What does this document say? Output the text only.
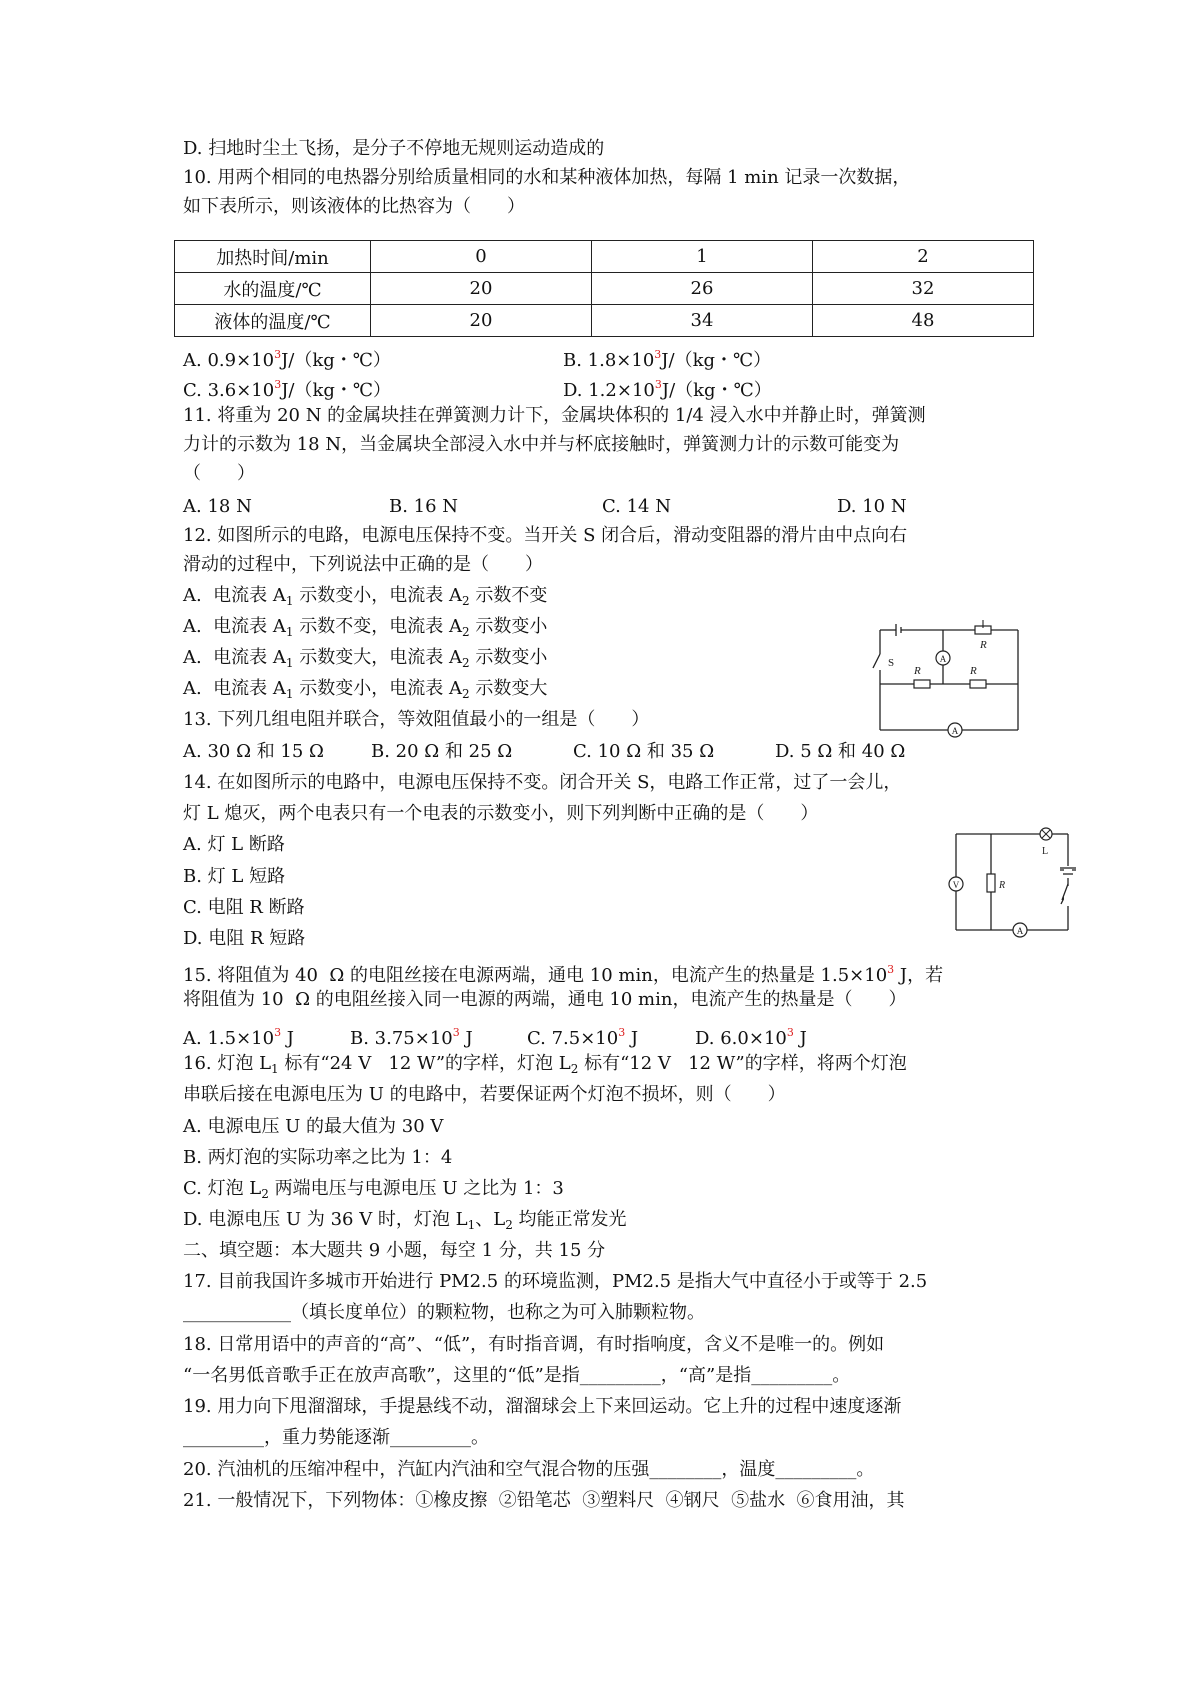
D. 扫地时尘土飞扬，是分子不停地无规则运动造成的
10. 用两个相同的电热器分别给质量相同的水和某种液体加热，每隔 1 min 记录一次数据，
如下表所示，则该液体的比热容为（　　）
加热时间/min	0	1	2
水的温度/℃	20	26	32
液体的温度/℃	20	34	48
A. $0.9\times 10^3J/(kg$・℃）	B. $1.8\times 10^3J/(kg$・℃）
C. $3.6\times 10^3J/(kg$・℃）	D. $1.2\times 10^3J/(kg$・℃）
11. 将重为 20 N 的金属块挂在弹簧测力计下，金属块体积的 1/4 浸入水中并静止时，弹簧测
力计的示数为 18 N，当金属块全部浸入水中并与杯底接触时，弹簧测力计的示数可能变为
（　　）
A. 18 N	B. 16 N	C. 14 N	D. 10 N
12. 如图所示的电路，电源电压保持不变。当开关 S 闭合后，滑动变阻器的滑片由中点向右
滑动的过程中，下列说法中正确的是（　　）
A.  电流表 $A_1$ 示数变小，电流表 $A_2$ 示数不变
A.  电流表 $A_1$ 示数不变，电流表 $A_2$ 示数变小
A.  电流表 $A_1$ 示数变大，电流表 $A_2$ 示数变小
A.  电流表 $A_1$ 示数变小，电流表 $A_2$ 示数变大
A
A
S
R
R	R
13. 下列几组电阻并联合，等效阻值最小的一组是（　　）
A. 30 Ω 和 15 Ω	B. 20 Ω 和 25 Ω	C. 10 Ω 和 35 Ω	D. 5 Ω 和 40 Ω
14. 在如图所示的电路中，电源电压保持不变。闭合开关 S，电路工作正常，过了一会儿，
灯 L 熄灭，两个电表只有一个电表的示数变小，则下列判断中正确的是（　　）
A. 灯 L 断路
B. 灯 L 短路
C. 电阻 R 断路
D. 电阻 R 短路
V
A
L
R
15. 将阻值为 40  Ω 的电阻丝接在电源两端，通电 10 min，电流产生的热量是 $1.5\times 10^3$ J，若
将阻值为 10  Ω 的电阻丝接入同一电源的两端，通电 10 min，电流产生的热量是（　　）
A. $1.5\times 10^3$ J	B. $3.75\times 10^3$ J	C. $7.5\times 10^3$ J	D. $6.0\times 10^3$ J
16. 灯泡 $L_1$ 标有“24 V   12 W”的字样，灯泡 $L_2$ 标有“12 V   12 W”的字样，将两个灯泡
串联后接在电源电压为 U 的电路中，若要保证两个灯泡不损坏，则（　　）
A. 电源电压 U 的最大值为 30 V
B. 两灯泡的实际功率之比为 1：4
C. 灯泡 $L_2$ 两端电压与电源电压 U 之比为 1：3
D. 电源电压 U 为 36 V 时，灯泡 $L_1$、$L_2$ 均能正常发光
二、填空题：本大题共 9 小题，每空 1 分，共 15 分
17. 目前我国许多城市开始进行 PM2.5 的环境监测，PM2.5 是指大气中直径小于或等于 2.5
____________（填长度单位）的颗粒物，也称之为可入肺颗粒物。
18. 日常用语中的声音的“高”、“低”，有时指音调，有时指响度，含义不是唯一的。例如
“一名男低音歌手正在放声高歌”，这里的“低”是指_________，“高”是指_________。
19. 用力向下甩溜溜球，手提悬线不动，溜溜球会上下来回运动。它上升的过程中速度逐渐
_________，重力势能逐渐_________。
20. 汽油机的压缩冲程中，汽缸内汽油和空气混合物的压强________，温度_________。
21. 一般情况下，下列物体：①橡皮擦  ②铅笔芯  ③塑料尺  ④钢尺  ⑤盐水  ⑥食用油，其
